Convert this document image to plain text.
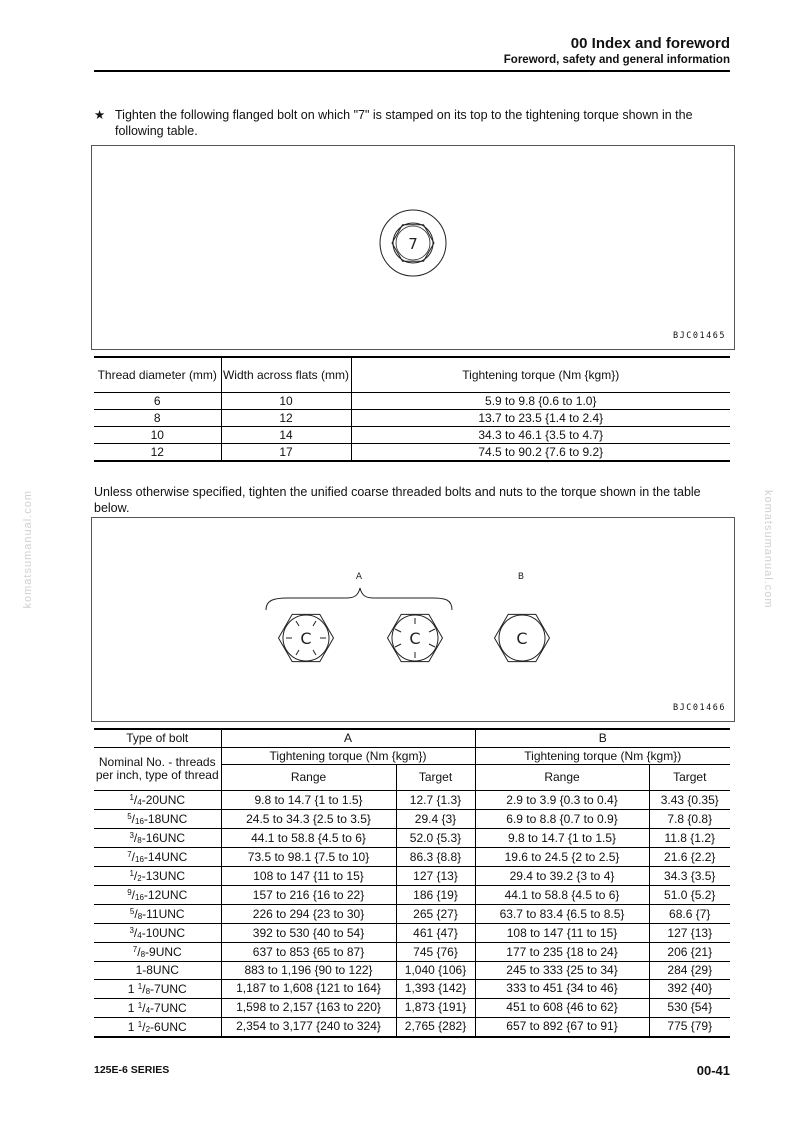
00 Index and foreword
Foreword, safety and general information
komatsumanual.com	komatsumanual.com
★ Tighten the following flanged bolt on which "7" is stamped on its top to the tightening torque shown in the following table.
7
BJC01465
Thread diameter (mm)	Width across flats (mm)	Tightening torque (Nm {kgm})
6	10	5.9 to 9.8 {0.6 to 1.0}
8	12	13.7 to 23.5 {1.4 to 2.4}
10	14	34.3 to 46.1 {3.5 to 4.7}
12	17	74.5 to 90.2 {7.6 to 9.2}
Unless otherwise specified, tighten the unified coarse threaded bolts and nuts to the torque shown in the table below.
A	B
C	C	C
BJC01466
Type of bolt	A		B	
Nominal No. - threads per inch, type of thread	Tightening torque (Nm {kgm})		Tightening torque (Nm {kgm})	
	Range	Target	Range	Target
$^1$/4-20UNC	9.8 to 14.7 {1 to 1.5}	12.7 {1.3}	2.9 to 3.9 {0.3 to 0.4}	3.43 {0.35}
$^5$/16-18UNC	24.5 to 34.3 {2.5 to 3.5}	29.4 {3}	6.9 to 8.8 {0.7 to 0.9}	7.8 {0.8}
$^3$/8-16UNC	44.1 to 58.8 {4.5 to 6}	52.0 {5.3}	9.8 to 14.7 {1 to 1.5}	11.8 {1.2}
$^7$/16-14UNC	73.5 to 98.1 {7.5 to 10}	86.3 {8.8}	19.6 to 24.5 {2 to 2.5}	21.6 {2.2}
$^1$/2-13UNC	108 to 147 {11 to 15}	127 {13}	29.4 to 39.2 {3 to 4}	34.3 {3.5}
$^9$/16-12UNC	157 to 216 {16 to 22}	186 {19}	44.1 to 58.8 {4.5 to 6}	51.0 {5.2}
$^5$/8-11UNC	226 to 294 {23 to 30}	265 {27}	63.7 to 83.4 {6.5 to 8.5}	68.6 {7}
$^3$/4-10UNC	392 to 530 {40 to 54}	461 {47}	108 to 147 {11 to 15}	127 {13}
$^7$/8-9UNC	637 to 853 {65 to 87}	745 {76}	177 to 235 {18 to 24}	206 {21}
1-8UNC	883 to 1,196 {90 to 122}	1,040 {106}	245 to 333 {25 to 34}	284 {29}
1 $^1$/8-7UNC	1,187 to 1,608 {121 to 164}	1,393 {142}	333 to 451 {34 to 46}	392 {40}
1 $^1$/4-7UNC	1,598 to 2,157 {163 to 220}	1,873 {191}	451 to 608 {46 to 62}	530 {54}
1 $^1$/2-6UNC	2,354 to 3,177 {240 to 324}	2,765 {282}	657 to 892 {67 to 91}	775 {79}
125E-6 SERIES	00-41
